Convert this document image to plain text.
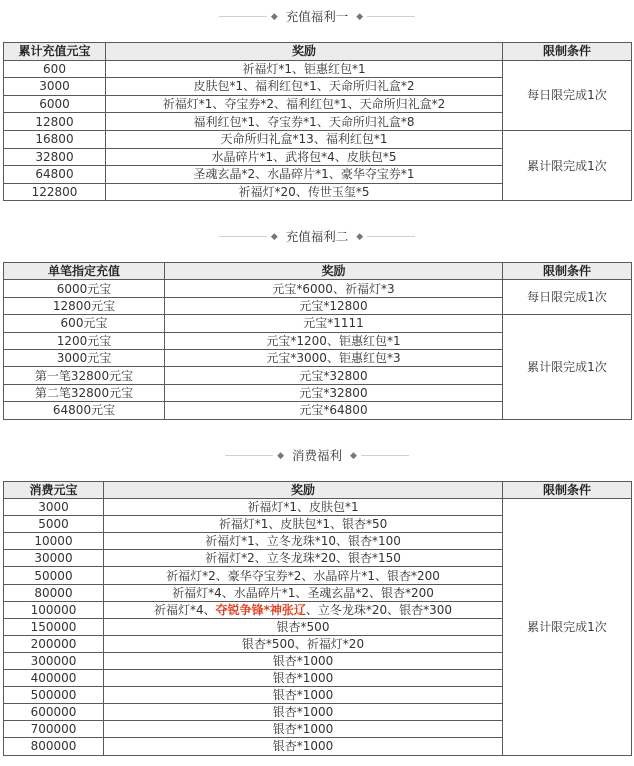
◆ 充值福利一 ◆
累计充值元宝	奖励	限制条件
600	祈福灯*1、钜惠红包*1	每日限完成1次
3000	皮肤包*1、福利红包*1、天命所归礼盒*2	
6000	祈福灯*1、夺宝券*2、福利红包*1、天命所归礼盒*2	
12800	福利红包*1、夺宝券*1、天命所归礼盒*8	
16800	天命所归礼盒*13、福利红包*1	累计限完成1次
32800	水晶碎片*1、武将包*4、皮肤包*5	
64800	圣魂玄晶*2、水晶碎片*1、豪华夺宝券*1	
122800	祈福灯*20、传世玉玺*5	
◆ 充值福利二 ◆
单笔指定充值	奖励	限制条件
6000元宝	元宝*6000、祈福灯*3	每日限完成1次
12800元宝	元宝*12800	
600元宝	元宝*1111	累计限完成1次
1200元宝	元宝*1200、钜惠红包*1	
3000元宝	元宝*3000、钜惠红包*3	
第一笔32800元宝	元宝*32800	
第二笔32800元宝	元宝*32800	
64800元宝	元宝*64800	
◆ 消费福利 ◆
消费元宝	奖励	限制条件
3000	祈福灯*1、皮肤包*1	累计限完成1次
5000	祈福灯*1、皮肤包*1、银杏*50	
10000	祈福灯*1、立冬龙珠*10、银杏*100	
30000	祈福灯*2、立冬龙珠*20、银杏*150	
50000	祈福灯*2、豪华夺宝券*2、水晶碎片*1、银杏*200	
80000	祈福灯*4、水晶碎片*1、圣魂玄晶*2、银杏*200	
100000	祈福灯*4、夺锐争锋*神张辽、立冬龙珠*20、银杏*300	
150000	银杏*500	
200000	银杏*500、祈福灯*20	
300000	银杏*1000	
400000	银杏*1000	
500000	银杏*1000	
600000	银杏*1000	
700000	银杏*1000	
800000	银杏*1000	
